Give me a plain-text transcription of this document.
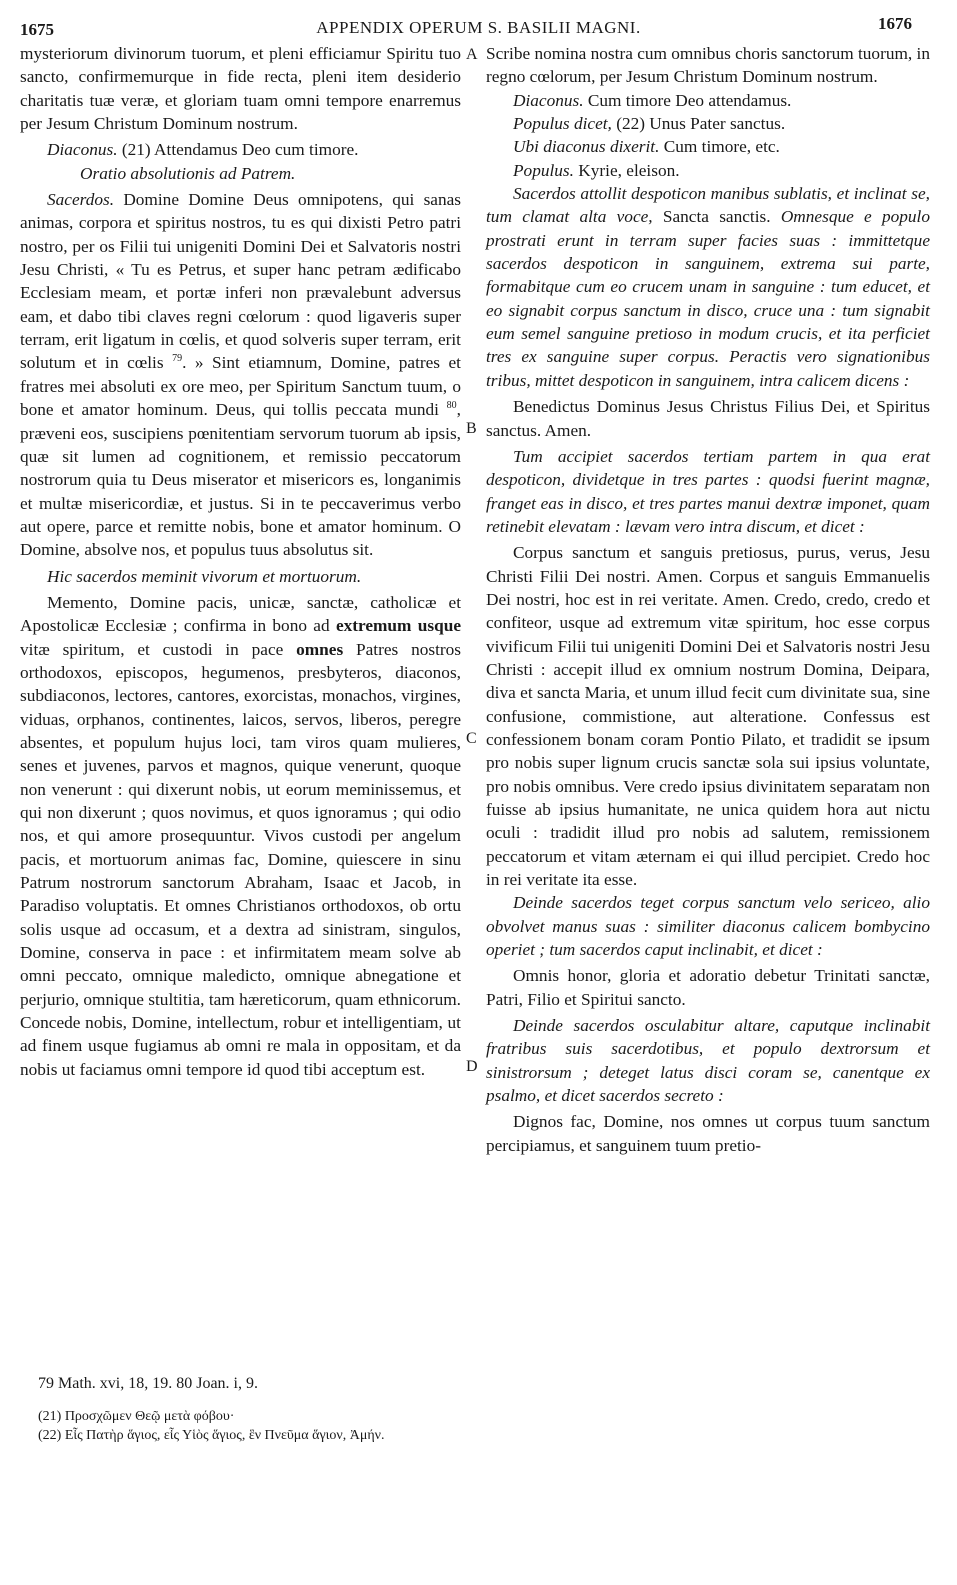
1675	APPENDIX OPERUM S. BASILII MAGNI.	1676

mysteriorum divinorum tuorum, et pleni efficiamur Spiritu tuo sancto, confirmemurque in fide recta, pleni item desiderio charitatis tuæ veræ, et gloriam tuam omni tempore enarremus per Jesum Christum Dominum nostrum.

Diaconus. (21) Attendamus Deo cum timore.

Oratio absolutionis ad Patrem.

Sacerdos. Domine Domine Deus omnipotens, qui sanas animas, corpora et spiritus nostros, tu es qui dixisti Petro patri nostro, per os Filii tui unigeniti Domini Dei et Salvatoris nostri Jesu Christi, « Tu es Petrus, et super hanc petram ædificabo Ecclesiam meam, et portæ inferi non prævalebunt adversus eam, et dabo tibi claves regni cœlorum : quod ligaveris super terram, erit ligatum in cœlis, et quod solveris super terram, erit solutum et in cœlis $^{79}$. » Sint etiamnum, Domine, patres et fratres mei absoluti ex ore meo, per Spiritum Sanctum tuum, o bone et amator hominum. Deus, qui tollis peccata mundi $^{80}$, præveni eos, suscipiens pœnitentiam servorum tuorum ab ipsis, quæ sit lumen ad cognitionem, et remissio peccatorum nostrorum quia tu Deus miserator et misericors es, longanimis et multæ misericordiæ, et justus. Si in te peccaverimus verbo aut opere, parce et remitte nobis, bone et amator hominum. O Domine, absolve nos, et populus tuus absolutus sit.

Hic sacerdos meminit vivorum et mortuorum.

Memento, Domine pacis, unicæ, sanctæ, catholicæ et Apostolicæ Ecclesiæ ; confirma in bono ad extremum usque vitæ spiritum, et custodi in pace omnes Patres nostros orthodoxos, episcopos, hegumenos, presbyteros, diaconos, subdiaconos, lectores, cantores, exorcistas, monachos, virgines, viduas, orphanos, continentes, laicos, servos, liberos, peregre absentes, et populum hujus loci, tam viros quam mulieres, senes et juvenes, parvos et magnos, quique venerunt, quoque non venerunt : qui dixerunt nobis, ut eorum meminissemus, et qui non dixerunt ; quos novimus, et quos ignoramus ; qui odio nos, et qui amore prosequuntur. Vivos custodi per angelum pacis, et mortuorum animas fac, Domine, quiescere in sinu Patrum nostrorum sanctorum Abraham, Isaac et Jacob, in Paradiso voluptatis. Et omnes Christianos orthodoxos, ob ortu solis usque ad occasum, et a dextra ad sinistram, singulos, Domine, conserva in pace : et infirmitatem meam solve ab omni peccato, omnique maledicto, omnique abnegatione et perjurio, omnique stultitia, tam hæreticorum, quam ethnicorum. Concede nobis, Domine, intellectum, robur et intelligentiam, ut ad finem usque fugiamus ab omni re mala in oppositam, et da nobis ut faciamus omni tempore id quod tibi acceptum est.

A
B
C
D

Scribe nomina nostra cum omnibus choris sanctorum tuorum, in regno cœlorum, per Jesum Christum Dominum nostrum.

Diaconus. Cum timore Deo attendamus.

Populus dicet, (22) Unus Pater sanctus.

Ubi diaconus dixerit. Cum timore, etc.

Populus. Kyrie, eleison.

Sacerdos attollit despoticon manibus sublatis, et inclinat se, tum clamat alta voce, Sancta sanctis. Omnesque e populo prostrati erunt in terram super facies suas : immittetque sacerdos despoticon in sanguinem, extrema sui parte, formabitque cum eo crucem unam in sanguine : tum educet, et eo signabit corpus sanctum in disco, cruce una : tum signabit eum semel sanguine pretioso in modum crucis, et ita perficiet tres ex sanguine super corpus. Peractis vero signationibus tribus, mittet despoticon in sanguinem, intra calicem dicens :

Benedictus Dominus Jesus Christus Filius Dei, et Spiritus sanctus. Amen.

Tum accipiet sacerdos tertiam partem in qua erat despoticon, dividetque in tres partes : quodsi fuerint magnæ, franget eas in disco, et tres partes manui dextræ imponet, quam retinebit elevatam : lævam vero intra discum, et dicet :

Corpus sanctum et sanguis pretiosus, purus, verus, Jesu Christi Filii Dei nostri. Amen. Corpus et sanguis Emmanuelis Dei nostri, hoc est in rei veritate. Amen. Credo, credo, credo et confiteor, usque ad extremum vitæ spiritum, hoc esse corpus vivificum Filii tui unigeniti Domini Dei et Salvatoris nostri Jesu Christi : accepit illud ex omnium nostrum Domina, Deipara, diva et sancta Maria, et unum illud fecit cum divinitate sua, sine confusione, commistione, aut alteratione. Confessus est confessionem bonam coram Pontio Pilato, et tradidit se ipsum pro nobis super lignum crucis sanctæ sola sui ipsius voluntate, pro nobis omnibus. Vere credo ipsius divinitatem separatam non fuisse ab ipsius humanitate, ne unica quidem hora aut nictu oculi : tradidit illud pro nobis ad salutem, remissionem peccatorum et vitam æternam ei qui illud percipiet. Credo hoc in rei veritate ita esse.

Deinde sacerdos teget corpus sanctum velo sericeo, alio obvolvet manus suas : similiter diaconus calicem bombycino operiet ; tum sacerdos caput inclinabit, et dicet :

Omnis honor, gloria et adoratio debetur Trinitati sanctæ, Patri, Filio et Spiritui sancto.

Deinde sacerdos osculabitur altare, caputque inclinabit fratribus suis sacerdotibus, et populo dextrorsum et sinistrorsum ; deteget latus disci coram se, canentque ex psalmo, et dicet sacerdos secreto :

Dignos fac, Domine, nos omnes ut corpus tuum sanctum percipiamus, et sanguinem tuum pretio-

79 Math. xvi, 18, 19. 80 Joan. i, 9.

(21) Προσχῶμεν Θεῷ μετὰ φόβου·

(22) Εἷς Πατὴρ ἅγιος, εἷς Υἱὸς ἅγιος, ἓν Πνεῦμα ἅγιον, Ἀμήν.
